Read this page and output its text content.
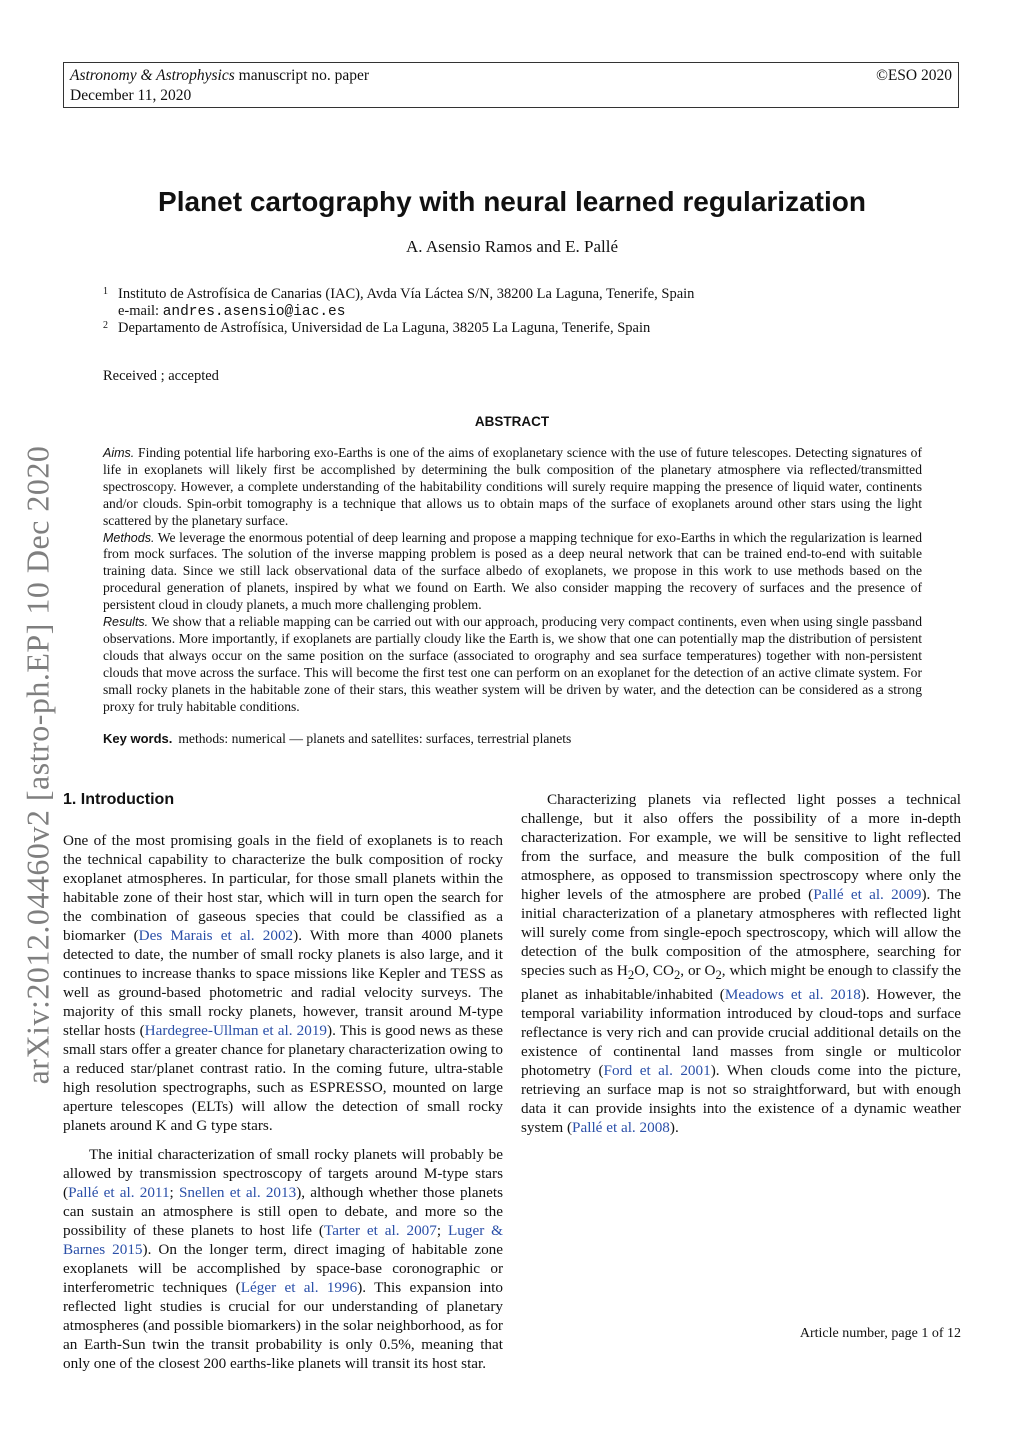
Astronomy & Astrophysics manuscript no. paper
December 11, 2020
©ESO 2020
arXiv:2012.04460v2 [astro-ph.EP] 10 Dec 2020
Planet cartography with neural learned regularization
A. Asensio Ramos and E. Pallé
1 Instituto de Astrofísica de Canarias (IAC), Avda Vía Láctea S/N, 38200 La Laguna, Tenerife, Spain
e-mail: andres.asensio@iac.es
2 Departamento de Astrofísica, Universidad de La Laguna, 38205 La Laguna, Tenerife, Spain
Received ; accepted
ABSTRACT

Aims. Finding potential life harboring exo-Earths is one of the aims of exoplanetary science with the use of future telescopes. Detecting signatures of life in exoplanets will likely first be accomplished by determining the bulk composition of the planetary atmosphere via reflected/transmitted spectroscopy. However, a complete understanding of the habitability conditions will surely require mapping the presence of liquid water, continents and/or clouds. Spin-orbit tomography is a technique that allows us to obtain maps of the surface of exoplanets around other stars using the light scattered by the planetary surface.

Methods. We leverage the enormous potential of deep learning and propose a mapping technique for exo-Earths in which the regularization is learned from mock surfaces. The solution of the inverse mapping problem is posed as a deep neural network that can be trained end-to-end with suitable training data. Since we still lack observational data of the surface albedo of exoplanets, we propose in this work to use methods based on the procedural generation of planets, inspired by what we found on Earth. We also consider mapping the recovery of surfaces and the presence of persistent cloud in cloudy planets, a much more challenging problem.

Results. We show that a reliable mapping can be carried out with our approach, producing very compact continents, even when using single passband observations. More importantly, if exoplanets are partially cloudy like the Earth is, we show that one can potentially map the distribution of persistent clouds that always occur on the same position on the surface (associated to orography and sea surface temperatures) together with non-persistent clouds that move across the surface. This will become the first test one can perform on an exoplanet for the detection of an active climate system. For small rocky planets in the habitable zone of their stars, this weather system will be driven by water, and the detection can be considered as a strong proxy for truly habitable conditions.

Key words. methods: numerical — planets and satellites: surfaces, terrestrial planets
1. Introduction

One of the most promising goals in the field of exoplanets is to reach the technical capability to characterize the bulk composition of rocky exoplanet atmospheres. In particular, for those small planets within the habitable zone of their host star, which will in turn open the search for the combination of gaseous species that could be classified as a biomarker (Des Marais et al. 2002). With more than 4000 planets detected to date, the number of small rocky planets is also large, and it continues to increase thanks to space missions like Kepler and TESS as well as ground-based photometric and radial velocity surveys. The majority of this small rocky planets, however, transit around M-type stellar hosts (Hardegree-Ullman et al. 2019). This is good news as these small stars offer a greater chance for planetary characterization owing to a reduced star/planet contrast ratio. In the coming future, ultra-stable high resolution spectrographs, such as ESPRESSO, mounted on large aperture telescopes (ELTs) will allow the detection of small rocky planets around K and G type stars.

The initial characterization of small rocky planets will probably be allowed by transmission spectroscopy of targets around M-type stars (Pallé et al. 2011; Snellen et al. 2013), although whether those planets can sustain an atmosphere is still open to debate, and more so the possibility of these planets to host life (Tarter et al. 2007; Luger & Barnes 2015). On the longer term, direct imaging of habitable zone exoplanets will be accomplished by space-base coronographic or interferometric techniques (Léger et al. 1996). This expansion into reflected light studies is crucial for our understanding of planetary atmospheres (and possible biomarkers) in the solar neighborhood, as for an Earth-Sun twin the transit probability is only 0.5%, meaning that only one of the closest 200 earths-like planets will transit its host star.

Characterizing planets via reflected light posses a technical challenge, but it also offers the possibility of a more in-depth characterization. For example, we will be sensitive to light reflected from the surface, and measure the bulk composition of the full atmosphere, as opposed to transmission spectroscopy where only the higher levels of the atmosphere are probed (Pallé et al. 2009). The initial characterization of a planetary atmospheres with reflected light will surely come from single-epoch spectroscopy, which will allow the detection of the bulk composition of the atmosphere, searching for species such as $H_2O$, $CO_2$, or $O_2$, which might be enough to classify the planet as inhabitable/inhabited (Meadows et al. 2018). However, the temporal variability information introduced by cloud-tops and surface reflectance is very rich and can provide crucial additional details on the existence of continental land masses from single or multicolor photometry (Ford et al. 2001). When clouds come into the picture, retrieving an surface map is not so straightforward, but with enough data it can provide insights into the existence of a dynamic weather system (Pallé et al. 2008).

Article number, page 1 of 12
